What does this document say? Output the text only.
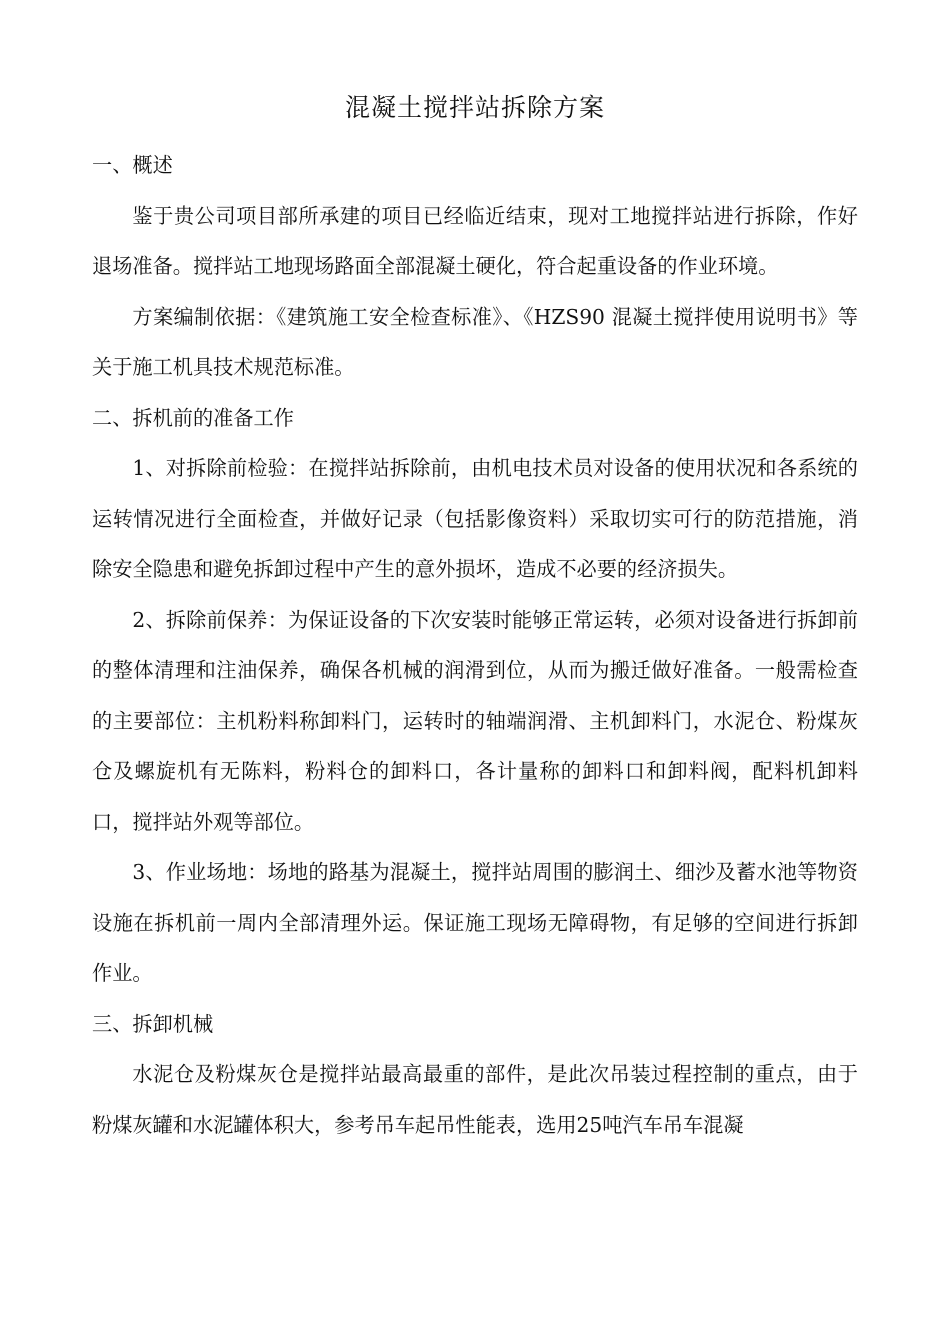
混凝土搅拌站拆除方案
一、概述

鉴于贵公司项目部所承建的项目已经临近结束，现对工地搅拌站进行拆除，作好退场准备。搅拌站工地现场路面全部混凝土硬化，符合起重设备的作业环境。

方案编制依据：《建筑施工安全检查标准》、《HZS90 混凝土搅拌使用说明书》等关于施工机具技术规范标准。

二、拆机前的准备工作

1、对拆除前检验：在搅拌站拆除前，由机电技术员对设备的使用状况和各系统的运转情况进行全面检查，并做好记录（包括影像资料）采取切实可行的防范措施，消除安全隐患和避免拆卸过程中产生的意外损坏，造成不必要的经济损失。

2、拆除前保养：为保证设备的下次安装时能够正常运转，必须对设备进行拆卸前的整体清理和注油保养，确保各机械的润滑到位，从而为搬迁做好准备。一般需检查的主要部位：主机粉料称卸料门，运转时的轴端润滑、主机卸料门，水泥仓、粉煤灰仓及螺旋机有无陈料，粉料仓的卸料口，各计量称的卸料口和卸料阀，配料机卸料口，搅拌站外观等部位。

3、作业场地：场地的路基为混凝土，搅拌站周围的膨润土、细沙及蓄水池等物资设施在拆机前一周内全部清理外运。保证施工现场无障碍物，有足够的空间进行拆卸作业。

三、拆卸机械

水泥仓及粉煤灰仓是搅拌站最高最重的部件，是此次吊装过程控制的重点，由于粉煤灰罐和水泥罐体积大，参考吊车起吊性能表，选用25吨汽车吊车混凝
